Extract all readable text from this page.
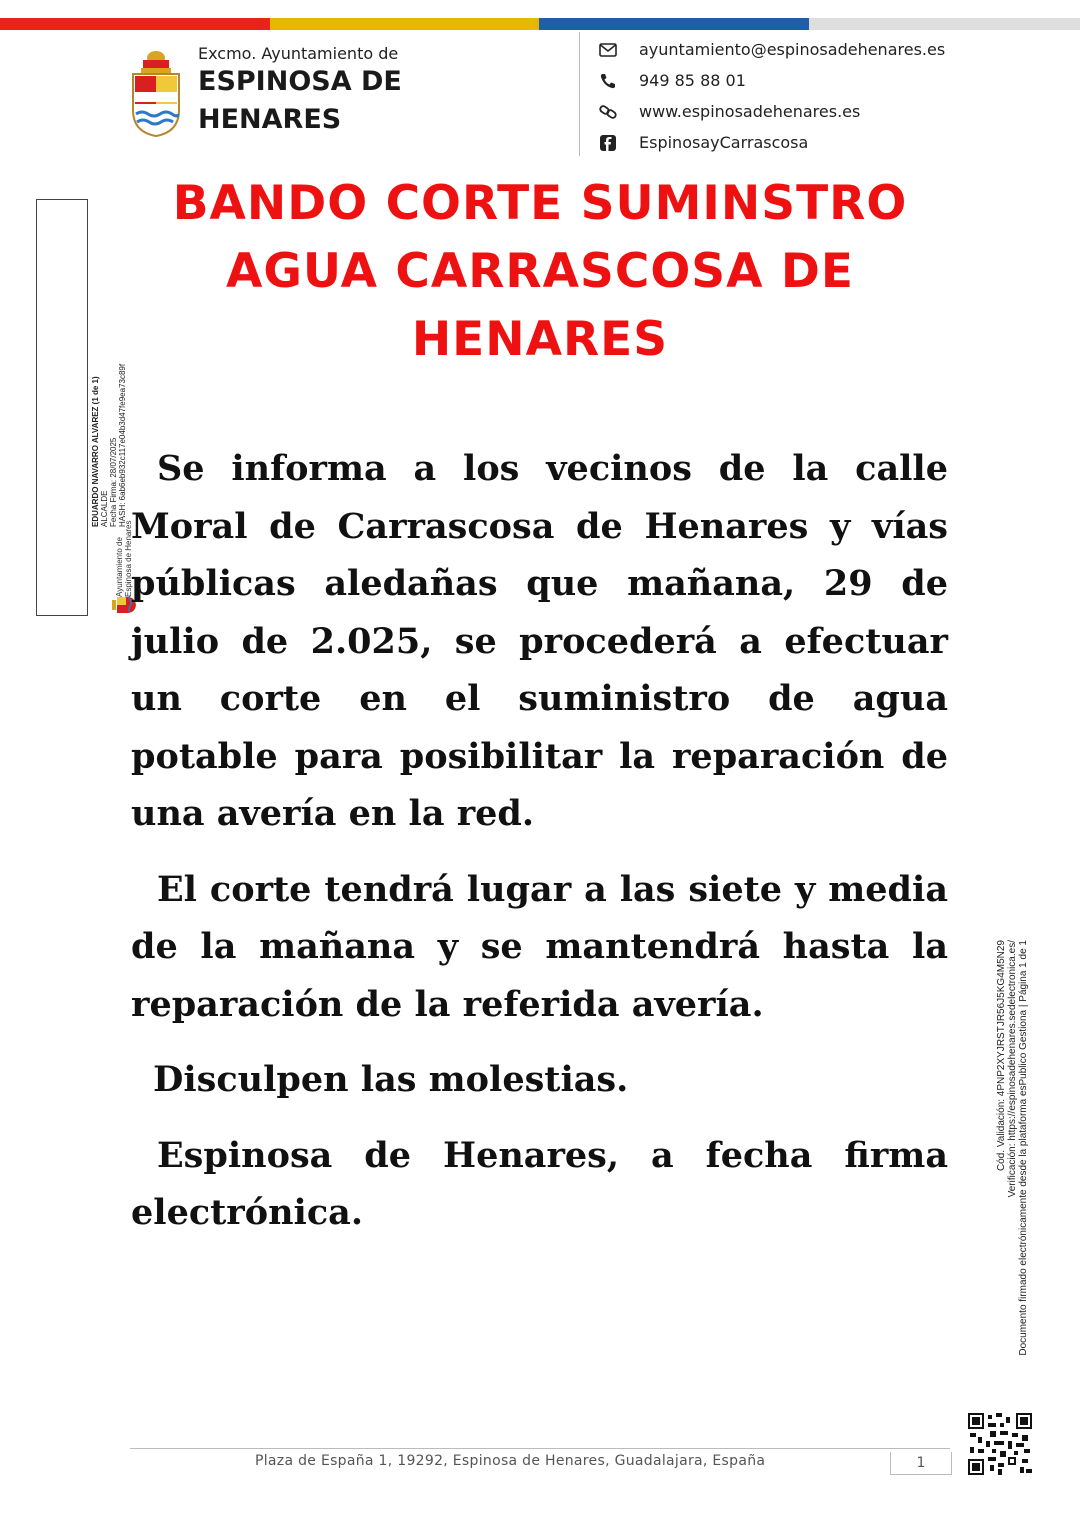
Excmo. Ayuntamiento de
ESPINOSA DE
HENARES
ayuntamiento@espinosadehenares.es
949 85 88 01
www.espinosadehenares.es
EspinosayCarrascosa
Ayuntamiento de Espinosa de Henares
EDUARDO NAVARRO ALVAREZ (1 de 1) ALCALDE Fecha Firma: 28/07/2025 HASH: 6ab6eb932c117e04b3d47fe9ea73c89f
BANDO CORTE SUMINSTRO
AGUA CARRASCOSA DE
HENARES

Se informa a los vecinos de la calle Moral de Carrascosa de Henares y vías públicas aledañas que mañana, 29 de julio de 2.025, se procederá a efectuar un corte en el suministro de agua potable para posibilitar la reparación de una avería en la red.

El corte tendrá lugar a las siete y media de la mañana y se mantendrá hasta la reparación de la referida avería.

Disculpen las molestias.

Espinosa de Henares, a fecha firma electrónica.

Cód. Validación: 4PNP2XYJRSTJR56J5KG4M5N29 Verificación: https://espinosadehenares.sedelectronica.es/ Documento firmado electrónicamente desde la plataforma esPublico Gestiona | Página 1 de 1
Plaza de España 1, 19292, Espinosa de Henares, Guadalajara, España	1
